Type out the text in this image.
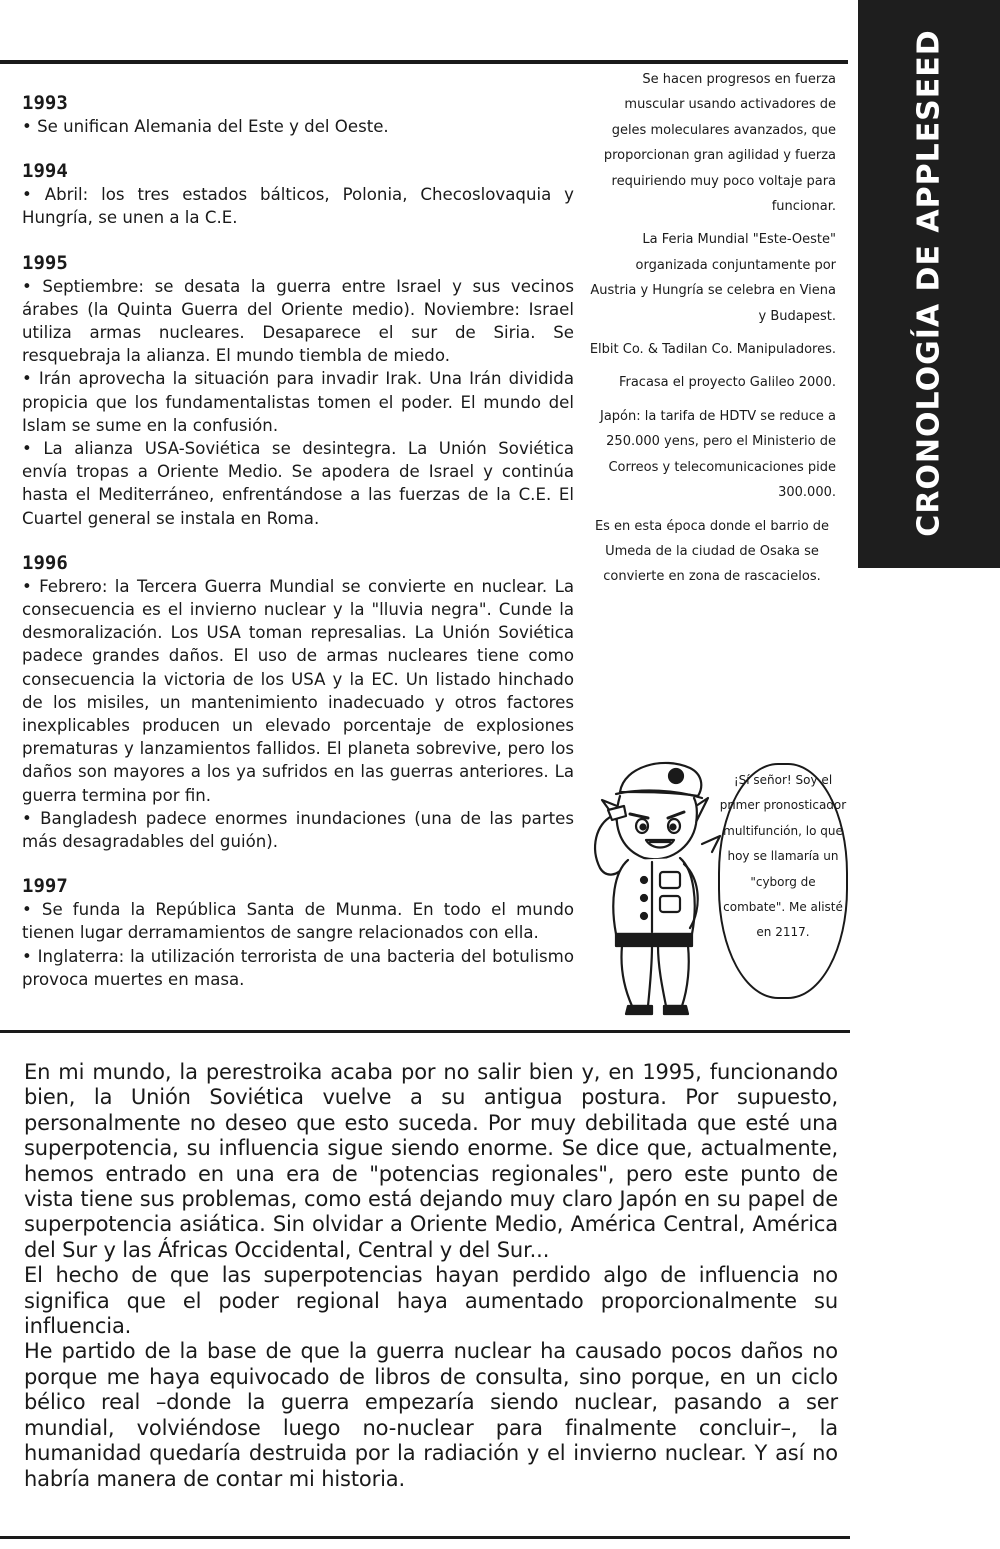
CRONOLOGÍA DE APPLESEED
1993

• Se unifican Alemania del Este y del Oeste.

1994

• Abril: los tres estados bálticos, Polonia, Checoslovaquia y Hungría, se unen a la C.E.

1995

• Septiembre: se desata la guerra entre Israel y sus vecinos árabes (la Quinta Guerra del Oriente medio). Noviembre: Israel utiliza armas nucleares. Desaparece el sur de Siria. Se resquebraja la alianza. El mundo tiembla de miedo.

• Irán aprovecha la situación para invadir Irak. Una Irán dividida propicia que los fundamentalistas tomen el poder. El mundo del Islam se sume en la confusión.

• La alianza USA-Soviética se desintegra. La Unión Soviética envía tropas a Oriente Medio. Se apodera de Israel y continúa hasta el Mediterráneo, enfrentándose a las fuerzas de la C.E. El Cuartel general se instala en Roma.

1996

• Febrero: la Tercera Guerra Mundial se convierte en nuclear. La consecuencia es el invierno nuclear y la "lluvia negra". Cunde la desmoralización. Los USA toman represalias. La Unión Soviética padece grandes daños. El uso de armas nucleares tiene como consecuencia la victoria de los USA y la EC. Un listado hinchado de los misiles, un mantenimiento inadecuado y otros factores inexplicables producen un elevado porcentaje de explosiones prematuras y lanzamientos fallidos. El planeta sobrevive, pero los daños son mayores a los ya sufridos en las guerras anteriores. La guerra termina por fin.

• Bangladesh padece enormes inundaciones (una de las partes más desagradables del guión).

1997

• Se funda la República Santa de Munma. En todo el mundo tienen lugar derramamientos de sangre relacionados con ella.

• Inglaterra: la utilización terrorista de una bacteria del botulismo provoca muertes en masa.

Se hacen progresos en fuerza muscular usando activadores de geles moleculares avanzados, que proporcionan gran agilidad y fuerza requiriendo muy poco voltaje para funcionar.

La Feria Mundial "Este-Oeste" organizada conjuntamente por Austria y Hungría se celebra en Viena y Budapest.

Elbit Co. & Tadilan Co. Manipuladores.

Fracasa el proyecto Galileo 2000.

Japón: la tarifa de HDTV se reduce a 250.000 yens, pero el Ministerio de Correos y telecomunicaciones pide 300.000.

Es en esta época donde el barrio de Umeda de la ciudad de Osaka se convierte en zona de rascacielos.

¡Sí señor! Soy el primer pronosticador multifunción, lo que hoy se llamaría un "cyborg de combate". Me alisté en 2117.

En mi mundo, la perestroika acaba por no salir bien y, en 1995, funcionando bien, la Unión Soviética vuelve a su antigua postura. Por supuesto, personalmente no deseo que esto suceda. Por muy debilitada que esté una superpotencia, su influencia sigue siendo enorme. Se dice que, actualmente, hemos entrado en una era de "potencias regionales", pero este punto de vista tiene sus problemas, como está dejando muy claro Japón en su papel de superpotencia asiática. Sin olvidar a Oriente Medio, América Central, América del Sur y las Áfricas Occidental, Central y del Sur...

El hecho de que las superpotencias hayan perdido algo de influencia no significa que el poder regional haya aumentado proporcionalmente su influencia.

He partido de la base de que la guerra nuclear ha causado pocos daños no porque me haya equivocado de libros de consulta, sino porque, en un ciclo bélico real –donde la guerra empezaría siendo nuclear, pasando a ser mundial, volviéndose luego no-nuclear para finalmente concluir–, la humanidad quedaría destruida por la radiación y el invierno nuclear. Y así no habría manera de contar mi historia.
